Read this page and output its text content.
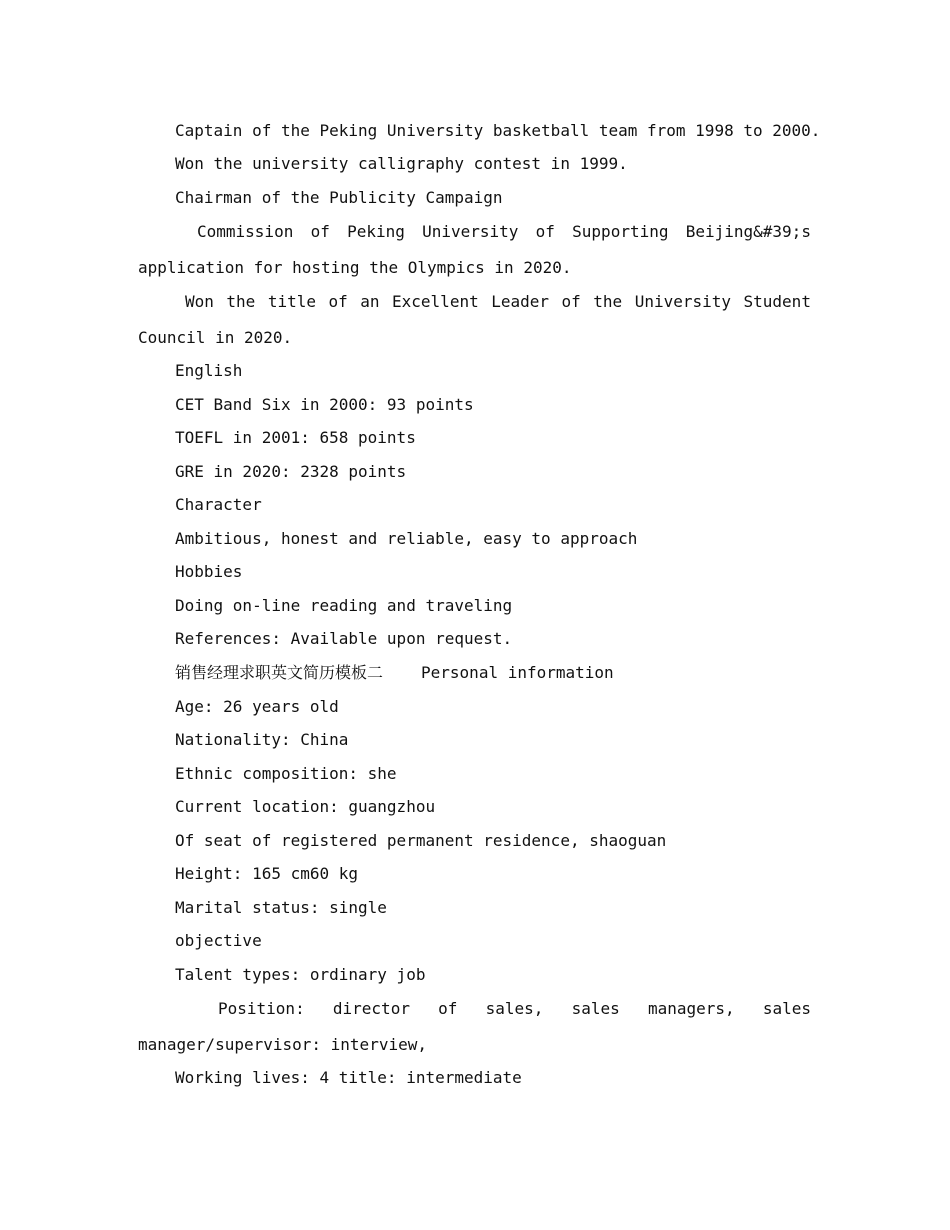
Captain of the Peking University basketball team from 1998 to 2000.
Won the university calligraphy contest in 1999.
Chairman of the Publicity Campaign
Commission of Peking University of Supporting Beijing&#39;s
application for hosting the Olympics in 2020.
Won the title of an Excellent Leader of the University Student
Council in 2020.
English
CET Band Six in 2000: 93 points
TOEFL in 2001: 658 points
GRE in 2020: 2328 points
Character
Ambitious, honest and reliable, easy to approach
Hobbies
Doing on-line reading and traveling
References: Available upon request.
销售经理求职英文简历模板二 Personal information
Age: 26 years old
Nationality: China
Ethnic composition: she
Current location: guangzhou
Of seat of registered permanent residence, shaoguan
Height: 165 cm60 kg
Marital status: single
objective
Talent types: ordinary job
Position: director of sales, sales managers, sales
manager/supervisor: interview,
Working lives: 4 title: intermediate
